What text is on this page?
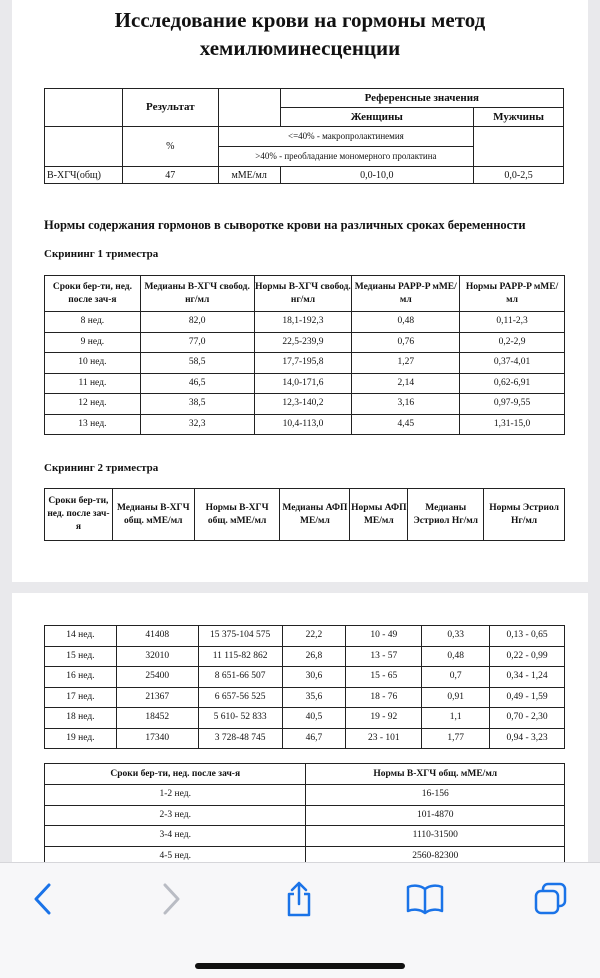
Исследование крови на гормоны метод
хемилюминесценции
	Результат		Референсные значения	
			Женщины	Мужчины
	%	<=40% - макропролактинемия		
		>40% - преобладание мономерного пролактина		
В-ХГЧ(общ)	47	мМЕ/мл	0,0-10,0	0,0-2,5
Нормы содержания гормонов в сыворотке крови на различных сроках беременности
Скрининг 1 триместра
Сроки бер-ти, нед. после зач-я	Медианы В-ХГЧ свобод. нг/мл	Нормы В-ХГЧ свобод. нг/мл	Медианы PAPP-P мМЕ/мл	Нормы PAPP-P мМЕ/мл
8 нед.	82,0	18,1-192,3	0,48	0,11-2,3
9 нед.	77,0	22,5-239,9	0,76	0,2-2,9
10 нед.	58,5	17,7-195,8	1,27	0,37-4,01
11 нед.	46,5	14,0-171,6	2,14	0,62-6,91
12 нед.	38,5	12,3-140,2	3,16	0,97-9,55
13 нед.	32,3	10,4-113,0	4,45	1,31-15,0
Скрининг 2 триместра
Сроки бер-ти, нед. после зач-я	Медианы В-ХГЧ общ. мМЕ/мл	Нормы В-ХГЧ общ. мМЕ/мл	Медианы АФП МЕ/мл	Нормы АФП МЕ/мл	Медианы Эстриол Нг/мл	Нормы Эстриол Нг/мл
14 нед.	41408	15 375-104 575	22,2	10 - 49	0,33	0,13 - 0,65
15 нед.	32010	11 115-82 862	26,8	13 - 57	0,48	0,22 - 0,99
16 нед.	25400	8 651-66 507	30,6	15 - 65	0,7	0,34 - 1,24
17 нед.	21367	6 657-56 525	35,6	18 - 76	0,91	0,49 - 1,59
18 нед.	18452	5 610- 52 833	40,5	19 - 92	1,1	0,70 - 2,30
19 нед.	17340	3 728-48 745	46,7	23 - 101	1,77	0,94 - 3,23
Сроки бер-ти, нед. после зач-я	Нормы В-ХГЧ общ. мМЕ/мл
1-2 нед.	16-156
2-3 нед.	101-4870
3-4 нед.	1110-31500
4-5 нед.	2560-82300
